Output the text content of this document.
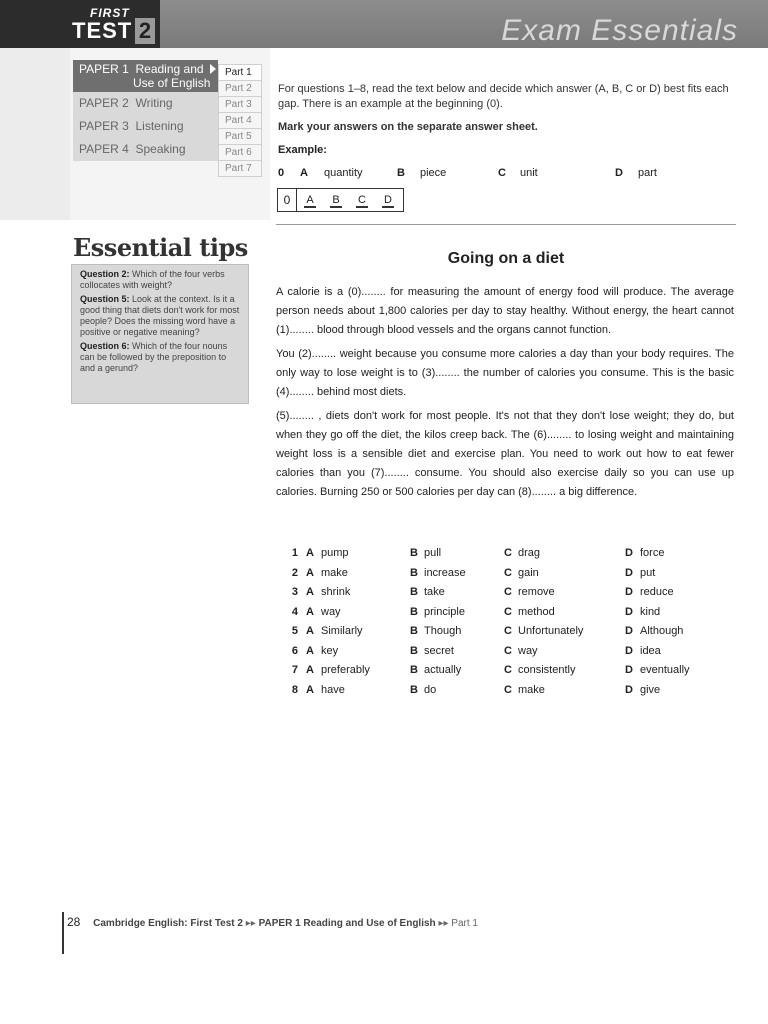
FIRST
TEST 2	Exam Essentials
PAPER 1 Reading and
Use of English
PAPER 2 Writing
PAPER 3 Listening
PAPER 4 Speaking
Part 1
Part 2
Part 3
Part 4
Part 5
Part 6
Part 7

For questions 1–8, read the text below and decide which answer (A, B, C or D) best fits each gap. There is an example at the beginning (0).

Mark your answers on the separate answer sheet.

Example:
0 A quantity	B piece	C unit	D part
0	A	B	C	D
Essential tips
Question 2: Which of the four verbs collocates with weight?
Question 5: Look at the context. Is it a good thing that diets don't work for most people? Does the missing word have a positive or negative meaning?
Question 6: Which of the four nouns can be followed by the preposition to and a gerund?
Going on a diet

A calorie is a (0)........ for measuring the amount of energy food will produce. The average person needs about 1,800 calories per day to stay healthy. Without energy, the heart cannot (1)........ blood through blood vessels and the organs cannot function.

You (2)........ weight because you consume more calories a day than your body requires. The only way to lose weight is to (3)........ the number of calories you consume. This is the basic (4)........ behind most diets.

(5)........ , diets don't work for most people. It's not that they don't lose weight; they do, but when they go off the diet, the kilos creep back. The (6)........ to losing weight and maintaining weight loss is a sensible diet and exercise plan. You need to work out how to eat fewer calories than you (7)........ consume. You should also exercise daily so you can use up calories. Burning 250 or 500 calories per day can (8)........ a big difference.

1 A pump	B pull	C drag	D force
2 A make	B increase	C gain	D put
3 A shrink	B take	C remove	D reduce
4 A way	B principle	C method	D kind
5 A Similarly	B Though	C Unfortunately	D Although
6 A key	B secret	C way	D idea
7 A preferably	B actually	C consistently	D eventually
8 A have	B do	C make	D give
28 Cambridge English: First Test 2 ▸▸ PAPER 1 Reading and Use of English ▸▸ Part 1
